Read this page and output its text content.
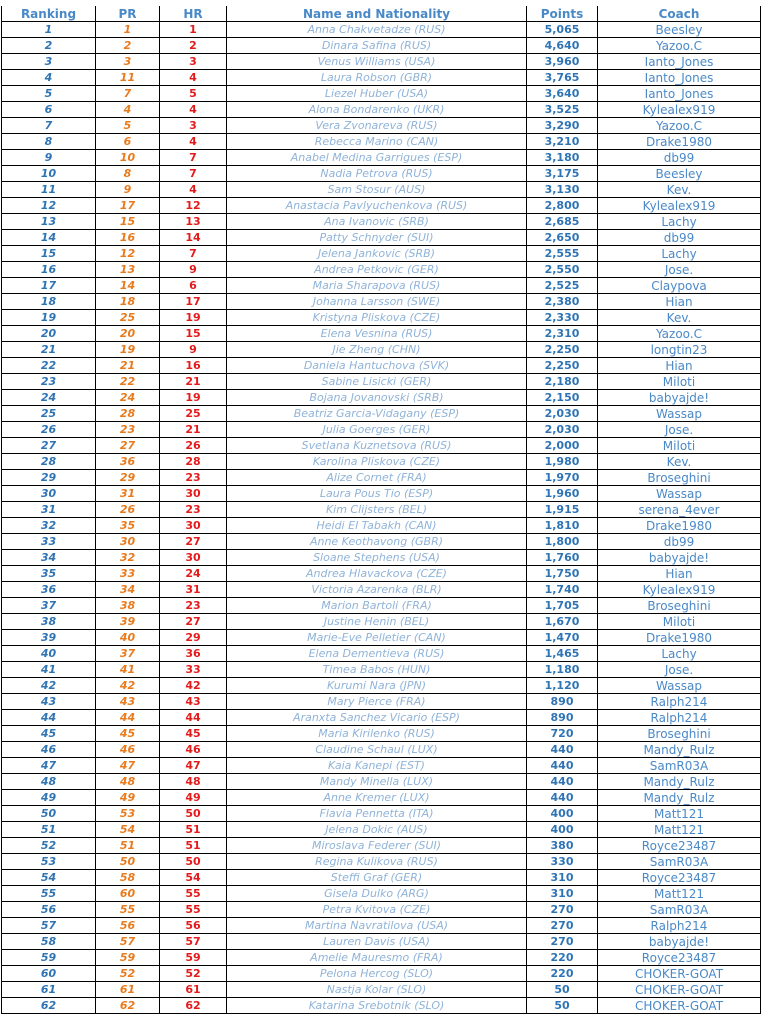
Ranking	PR	HR	Name and Nationality	Points	Coach
1	1	1	Anna Chakvetadze (RUS)	5,065	Beesley
2	2	2	Dinara Safina (RUS)	4,640	Yazoo.C
3	3	3	Venus Williams (USA)	3,960	Ianto_Jones
4	11	4	Laura Robson (GBR)	3,765	Ianto_Jones
5	7	5	Liezel Huber (USA)	3,640	Ianto_Jones
6	4	4	Alona Bondarenko (UKR)	3,525	Kylealex919
7	5	3	Vera Zvonareva (RUS)	3,290	Yazoo.C
8	6	4	Rebecca Marino (CAN)	3,210	Drake1980
9	10	7	Anabel Medina Garrigues (ESP)	3,180	db99
10	8	7	Nadia Petrova (RUS)	3,175	Beesley
11	9	4	Sam Stosur (AUS)	3,130	Kev.
12	17	12	Anastacia Pavlyuchenkova (RUS)	2,800	Kylealex919
13	15	13	Ana Ivanovic (SRB)	2,685	Lachy
14	16	14	Patty Schnyder (SUI)	2,650	db99
15	12	7	Jelena Jankovic (SRB)	2,555	Lachy
16	13	9	Andrea Petkovic (GER)	2,550	Jose.
17	14	6	Maria Sharapova (RUS)	2,525	Claypova
18	18	17	Johanna Larsson (SWE)	2,380	Hian
19	25	19	Kristyna Pliskova (CZE)	2,330	Kev.
20	20	15	Elena Vesnina (RUS)	2,310	Yazoo.C
21	19	9	Jie Zheng (CHN)	2,250	longtin23
22	21	16	Daniela Hantuchova (SVK)	2,250	Hian
23	22	21	Sabine Lisicki (GER)	2,180	Miloti
24	24	19	Bojana Jovanovski (SRB)	2,150	babyajde!
25	28	25	Beatriz Garcia-Vidagany (ESP)	2,030	Wassap
26	23	21	Julia Goerges (GER)	2,030	Jose.
27	27	26	Svetlana Kuznetsova (RUS)	2,000	Miloti
28	36	28	Karolina Pliskova (CZE)	1,980	Kev.
29	29	23	Alize Cornet (FRA)	1,970	Broseghini
30	31	30	Laura Pous Tio (ESP)	1,960	Wassap
31	26	23	Kim Clijsters (BEL)	1,915	serena_4ever
32	35	30	Heidi El Tabakh (CAN)	1,810	Drake1980
33	30	27	Anne Keothavong (GBR)	1,800	db99
34	32	30	Sloane Stephens (USA)	1,760	babyajde!
35	33	24	Andrea Hlavackova (CZE)	1,750	Hian
36	34	31	Victoria Azarenka (BLR)	1,740	Kylealex919
37	38	23	Marion Bartoli (FRA)	1,705	Broseghini
38	39	27	Justine Henin (BEL)	1,670	Miloti
39	40	29	Marie-Eve Pelletier (CAN)	1,470	Drake1980
40	37	36	Elena Dementieva (RUS)	1,465	Lachy
41	41	33	Timea Babos (HUN)	1,180	Jose.
42	42	42	Kurumi Nara (JPN)	1,120	Wassap
43	43	43	Mary Pierce (FRA)	890	Ralph214
44	44	44	Aranxta Sanchez Vicario (ESP)	890	Ralph214
45	45	45	Maria Kirilenko (RUS)	720	Broseghini
46	46	46	Claudine Schaul (LUX)	440	Mandy_Rulz
47	47	47	Kaia Kanepi (EST)	440	SamR03A
48	48	48	Mandy Minella (LUX)	440	Mandy_Rulz
49	49	49	Anne Kremer (LUX)	440	Mandy_Rulz
50	53	50	Flavia Pennetta (ITA)	400	Matt121
51	54	51	Jelena Dokic (AUS)	400	Matt121
52	51	51	Miroslava Federer (SUI)	380	Royce23487
53	50	50	Regina Kulikova (RUS)	330	SamR03A
54	58	54	Steffi Graf (GER)	310	Royce23487
55	60	55	Gisela Dulko (ARG)	310	Matt121
56	55	55	Petra Kvitova (CZE)	270	SamR03A
57	56	56	Martina Navratilova (USA)	270	Ralph214
58	57	57	Lauren Davis (USA)	270	babyajde!
59	59	59	Amelie Mauresmo (FRA)	220	Royce23487
60	52	52	Pelona Hercog (SLO)	220	CHOKER-GOAT
61	61	61	Nastja Kolar (SLO)	50	CHOKER-GOAT
62	62	62	Katarina Srebotnik (SLO)	50	CHOKER-GOAT
